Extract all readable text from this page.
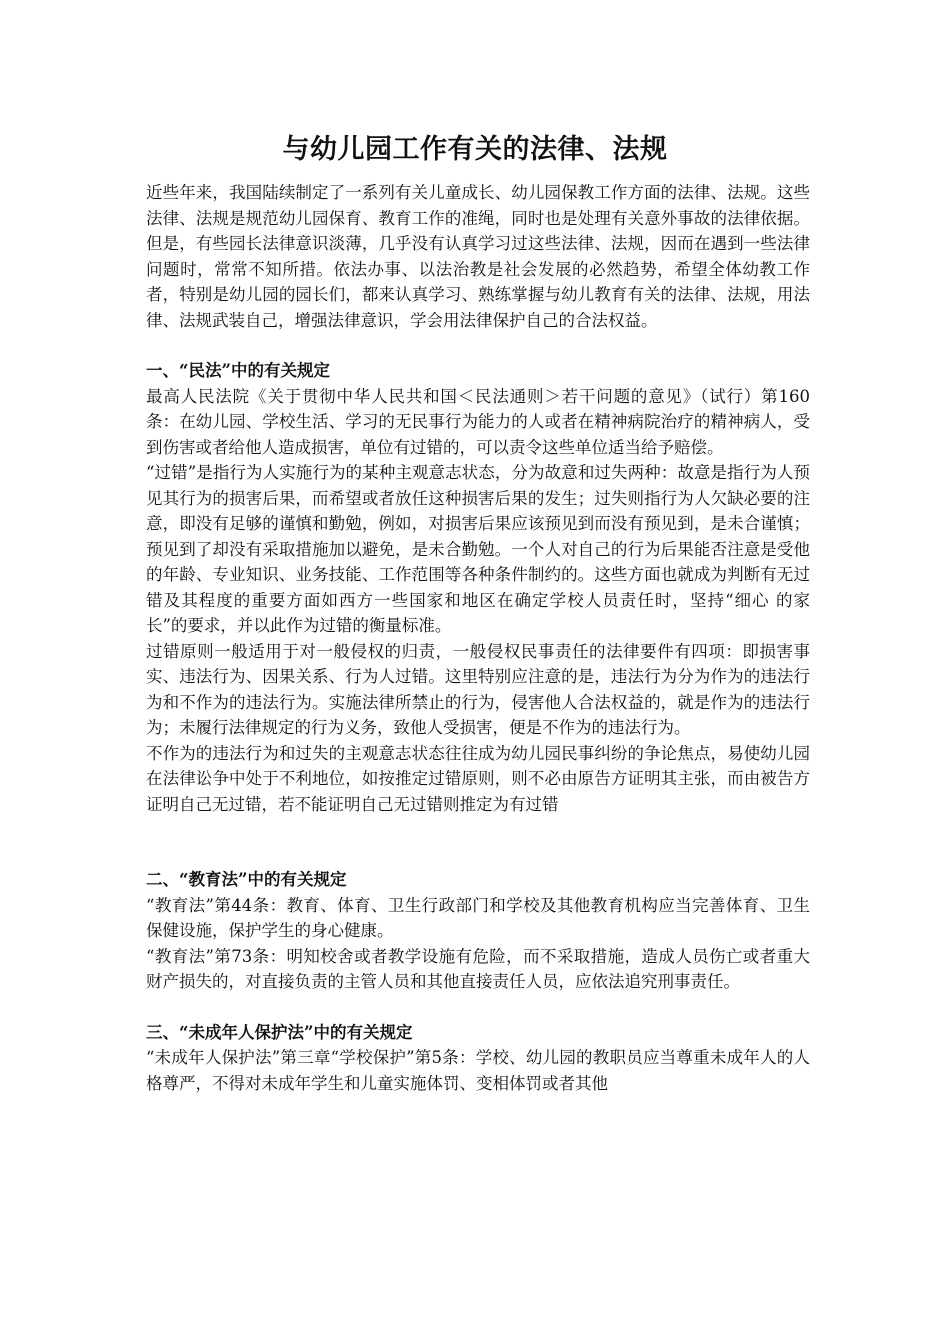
与幼儿园工作有关的法律、法规

近些年来，我国陆续制定了一系列有关儿童成长、幼儿园保教工作方面的法律、法规。这些法律、法规是规范幼儿园保育、教育工作的准绳，同时也是处理有关意外事故的法律依据。但是，有些园长法律意识淡薄，几乎没有认真学习过这些法律、法规，因而在遇到一些法律问题时，常常不知所措。依法办事、以法治教是社会发展的必然趋势，希望全体幼教工作者，特别是幼儿园的园长们，都来认真学习、熟练掌握与幼儿教育有关的法律、法规，用法律、法规武装自己，增强法律意识，学会用法律保护自己的合法权益。

一、“民法”中的有关规定

最高人民法院《关于贯彻中华人民共和国＜民法通则＞若干问题的意见》（试行）第160条：在幼儿园、学校生活、学习的无民事行为能力的人或者在精神病院治疗的精神病人，受到伤害或者给他人造成损害，单位有过错的，可以责令这些单位适当给予赔偿。

“过错”是指行为人实施行为的某种主观意志状态，分为故意和过失两种：故意是指行为人预见其行为的损害后果，而希望或者放任这种损害后果的发生；过失则指行为人欠缺必要的注意，即没有足够的谨慎和勤勉，例如，对损害后果应该预见到而没有预见到，是未合谨慎；预见到了却没有采取措施加以避免，是未合勤勉。一个人对自己的行为后果能否注意是受他的年龄、专业知识、业务技能、工作范围等各种条件制约的。这些方面也就成为判断有无过错及其程度的重要方面如西方一些国家和地区在确定学校人员责任时，坚持“细心 的家长”的要求，并以此作为过错的衡量标准。

过错原则一般适用于对一般侵权的归责，一般侵权民事责任的法律要件有四项：即损害事实、违法行为、因果关系、行为人过错。这里特别应注意的是，违法行为分为作为的违法行为和不作为的违法行为。实施法律所禁止的行为，侵害他人合法权益的，就是作为的违法行为；未履行法律规定的行为义务，致他人受损害，便是不作为的违法行为。

不作为的违法行为和过失的主观意志状态往往成为幼儿园民事纠纷的争论焦点，易使幼儿园在法律讼争中处于不利地位，如按推定过错原则，则不必由原告方证明其主张，而由被告方证明自己无过错，若不能证明自己无过错则推定为有过错

二、“教育法”中的有关规定

“教育法”第44条：教育、体育、卫生行政部门和学校及其他教育机构应当完善体育、卫生保健设施，保护学生的身心健康。

“教育法”第73条：明知校舍或者教学设施有危险，而不采取措施，造成人员伤亡或者重大财产损失的，对直接负责的主管人员和其他直接责任人员，应依法追究刑事责任。

三、“未成年人保护法”中的有关规定

“未成年人保护法”第三章“学校保护”第5条：学校、幼儿园的教职员应当尊重未成年人的人格尊严，不得对未成年学生和儿童实施体罚、变相体罚或者其他
